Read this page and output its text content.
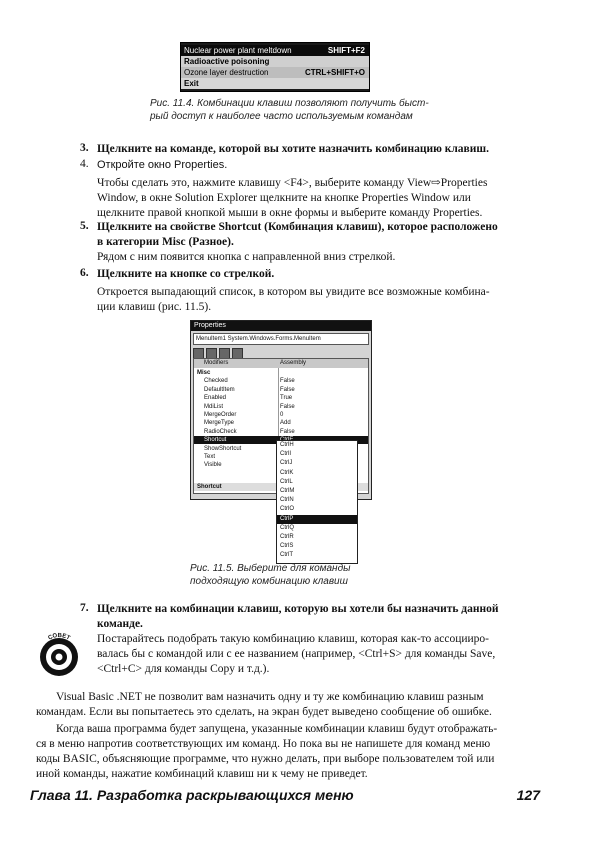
Nuclear power plant meltdown	SHIFT+F2
Radioactive poisoning
Ozone layer destruction	CTRL+SHIFT+O
Exit
Рис. 11.4. Комбинации клавиш позволяют получить быст-
рый доступ к наиболее часто используемым командам
3. Щелкните на команде, которой вы хотите назначить комбинацию клавиш.
4. Откройте окно Properties.
Чтобы сделать это, нажмите клавишу <F4>, выберите команду View⇨Properties
Window, в окне Solution Explorer щелкните на кнопке Properties Window или
щелкните правой кнопкой мыши в окне формы и выберите команду Properties.
5. Щелкните на свойстве Shortcut (Комбинация клавиш), которое расположено
в категории Misc (Разное).
Рядом с ним появится кнопка с направленной вниз стрелкой.
6. Щелкните на кнопке со стрелкой.
Откроется выпадающий список, в котором вы увидите все возможные комбина-
ции клавиш (рис. 11.5).
Properties
MenuItem1 System.Windows.Forms.MenuItem
Modifiers	Assembly
Misc
Checked	False
DefaultItem	False
Enabled	True
MdiList	False
MergeOrder	0
MergeType	Add
RadioCheck	False
Shortcut
ShowShortcut
Text
Visible
Shortcut
CtrlH
CtrlI
CtrlJ
CtrlK
CtrlL
CtrlM
CtrlN
CtrlO
CtrlP
CtrlQ
CtrlR
CtrlS
CtrlT
Рис. 11.5. Выберите для команды
подходящую комбинацию клавиш
7. Щелкните на комбинации клавиш, которую вы хотели бы назначить данной
команде.
СОВЕТ Постарайтесь подобрать такую комбинацию клавиш, которая как-то ассоцииро-
валась бы с командой или с ее названием (например, <Ctrl+S> для команды Save,
<Ctrl+C> для команды Copy и т.д.).
Visual Basic .NET не позволит вам назначить одну и ту же комбинацию клавиш разным
командам. Если вы попытаетесь это сделать, на экран будет выведено сообщение об ошибке.
Когда ваша программа будет запущена, указанные комбинации клавиш будут отображать-
ся в меню напротив соответствующих им команд. Но пока вы не напишете для команд меню
коды BASIC, объясняющие программе, что нужно делать, при выборе пользователем той или
иной команды, нажатие комбинаций клавиш ни к чему не приведет.
Глава 11. Разработка раскрывающихся меню	127
